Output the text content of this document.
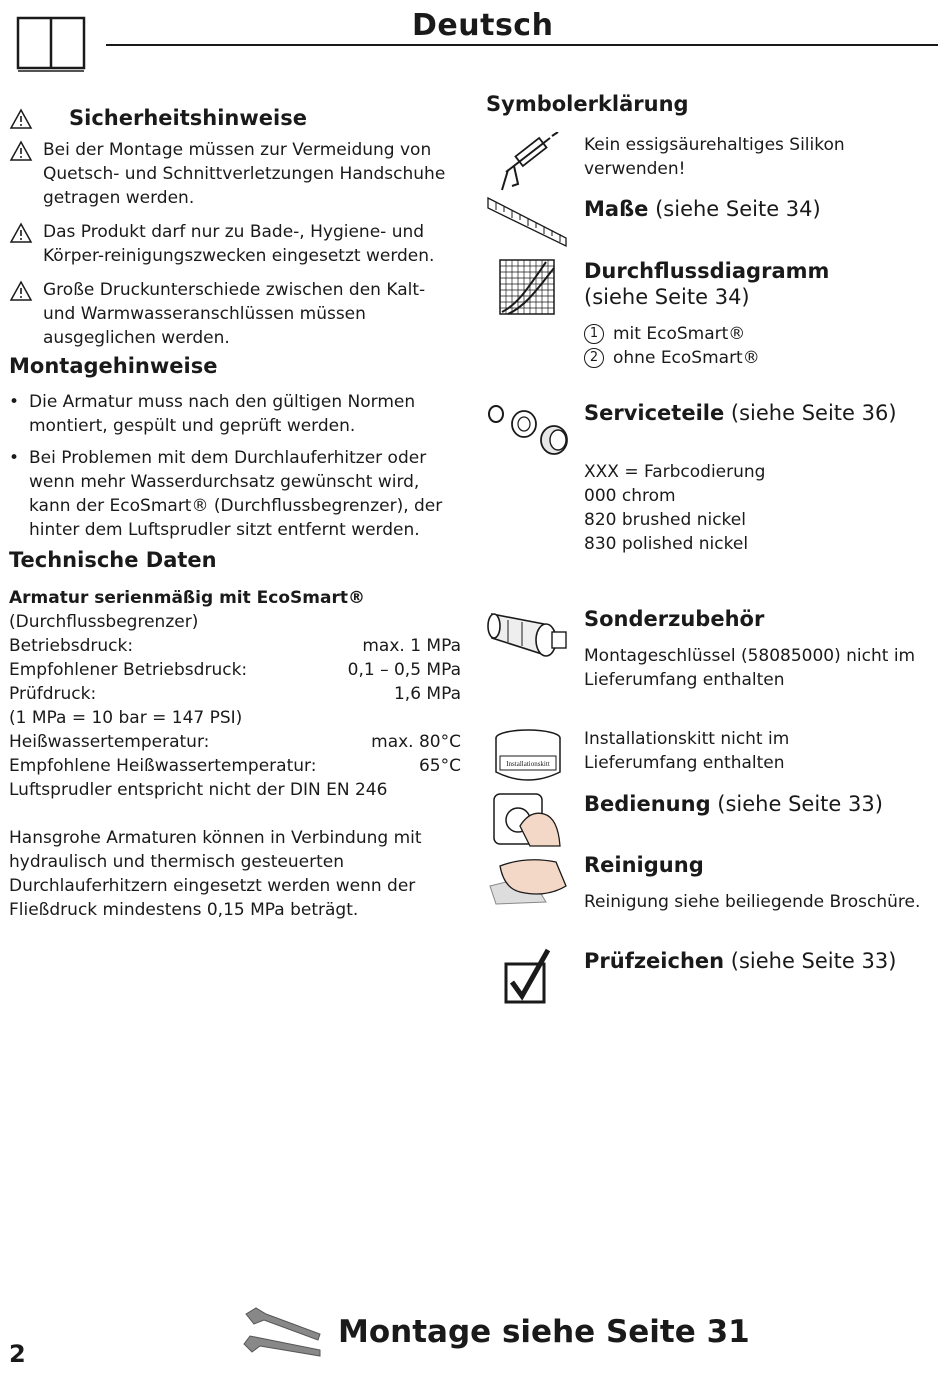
Deutsch
Sicherheitshinweise
Bei der Montage müssen zur Vermeidung von Quetsch- und Schnittverletzungen Handschuhe getragen werden.
Das Produkt darf nur zu Bade-, Hygiene- und Körper-reinigungszwecken eingesetzt werden.
Große Druckunterschiede zwischen den Kalt- und Warmwasseranschlüssen müssen ausgeglichen werden.
Montagehinweise
• Die Armatur muss nach den gültigen Normen montiert, gespült und geprüft werden.
• Bei Problemen mit dem Durchlauferhitzer oder wenn mehr Wasserdurchsatz gewünscht wird, kann der EcoSmart® (Durchflussbegrenzer), der hinter dem Luftsprudler sitzt entfernt werden.
Technische Daten
Armatur serienmäßig mit EcoSmart®
(Durchflussbegrenzer)
Betriebsdruck:	max. 1 MPa
Empfohlener Betriebsdruck:	0,1 – 0,5 MPa
Prüfdruck:	1,6 MPa
(1 MPa = 10 bar = 147 PSI)
Heißwassertemperatur:	max. 80°C
Empfohlene Heißwassertemperatur:	65°C
Luftsprudler entspricht nicht der DIN EN 246
Hansgrohe Armaturen können in Verbindung mit hydraulisch und thermisch gesteuerten Durchlauferhitzern eingesetzt werden wenn der Fließdruck mindestens 0,15 MPa beträgt.
Symbolerklärung
Kein essigsäurehaltiges Silikon verwenden!
Maße (siehe Seite 34)
Durchflussdiagramm
(siehe Seite 34)
1 mit EcoSmart®
2 ohne EcoSmart®
Serviceteile (siehe Seite 36)
XXX = Farbcodierung
000 chrom
820 brushed nickel
830 polished nickel
Sonderzubehör
Montageschlüssel (58085000) nicht im Lieferumfang enthalten
Installationskitt
Installationskitt nicht im Lieferumfang enthalten
Bedienung (siehe Seite 33)
Reinigung
Reinigung siehe beiliegende Broschüre.
Prüfzeichen (siehe Seite 33)
2
Montage siehe Seite 31
